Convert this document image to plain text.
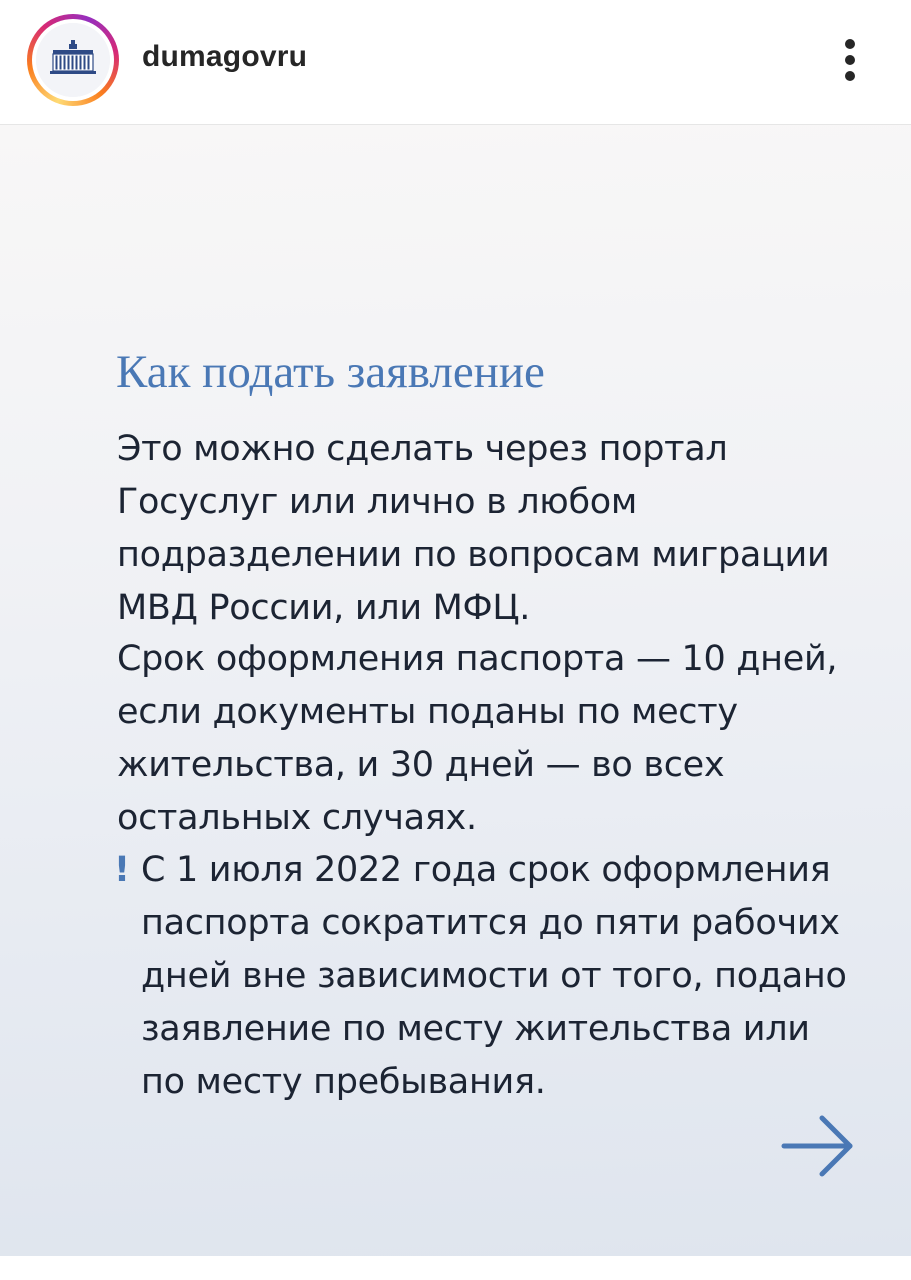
dumagovru
Как подать заявление

Это можно сделать через портал
Госуслуг или лично в любом
подразделении по вопросам миграции
МВД России, или МФЦ.

Срок оформления паспорта — 10 дней,
если документы поданы по месту
жительства, и 30 дней — во всех
остальных случаях.

! С 1 июля 2022 года срок оформления
паспорта сократится до пяти рабочих
дней вне зависимости от того, подано
заявление по месту жительства или
по месту пребывания.
